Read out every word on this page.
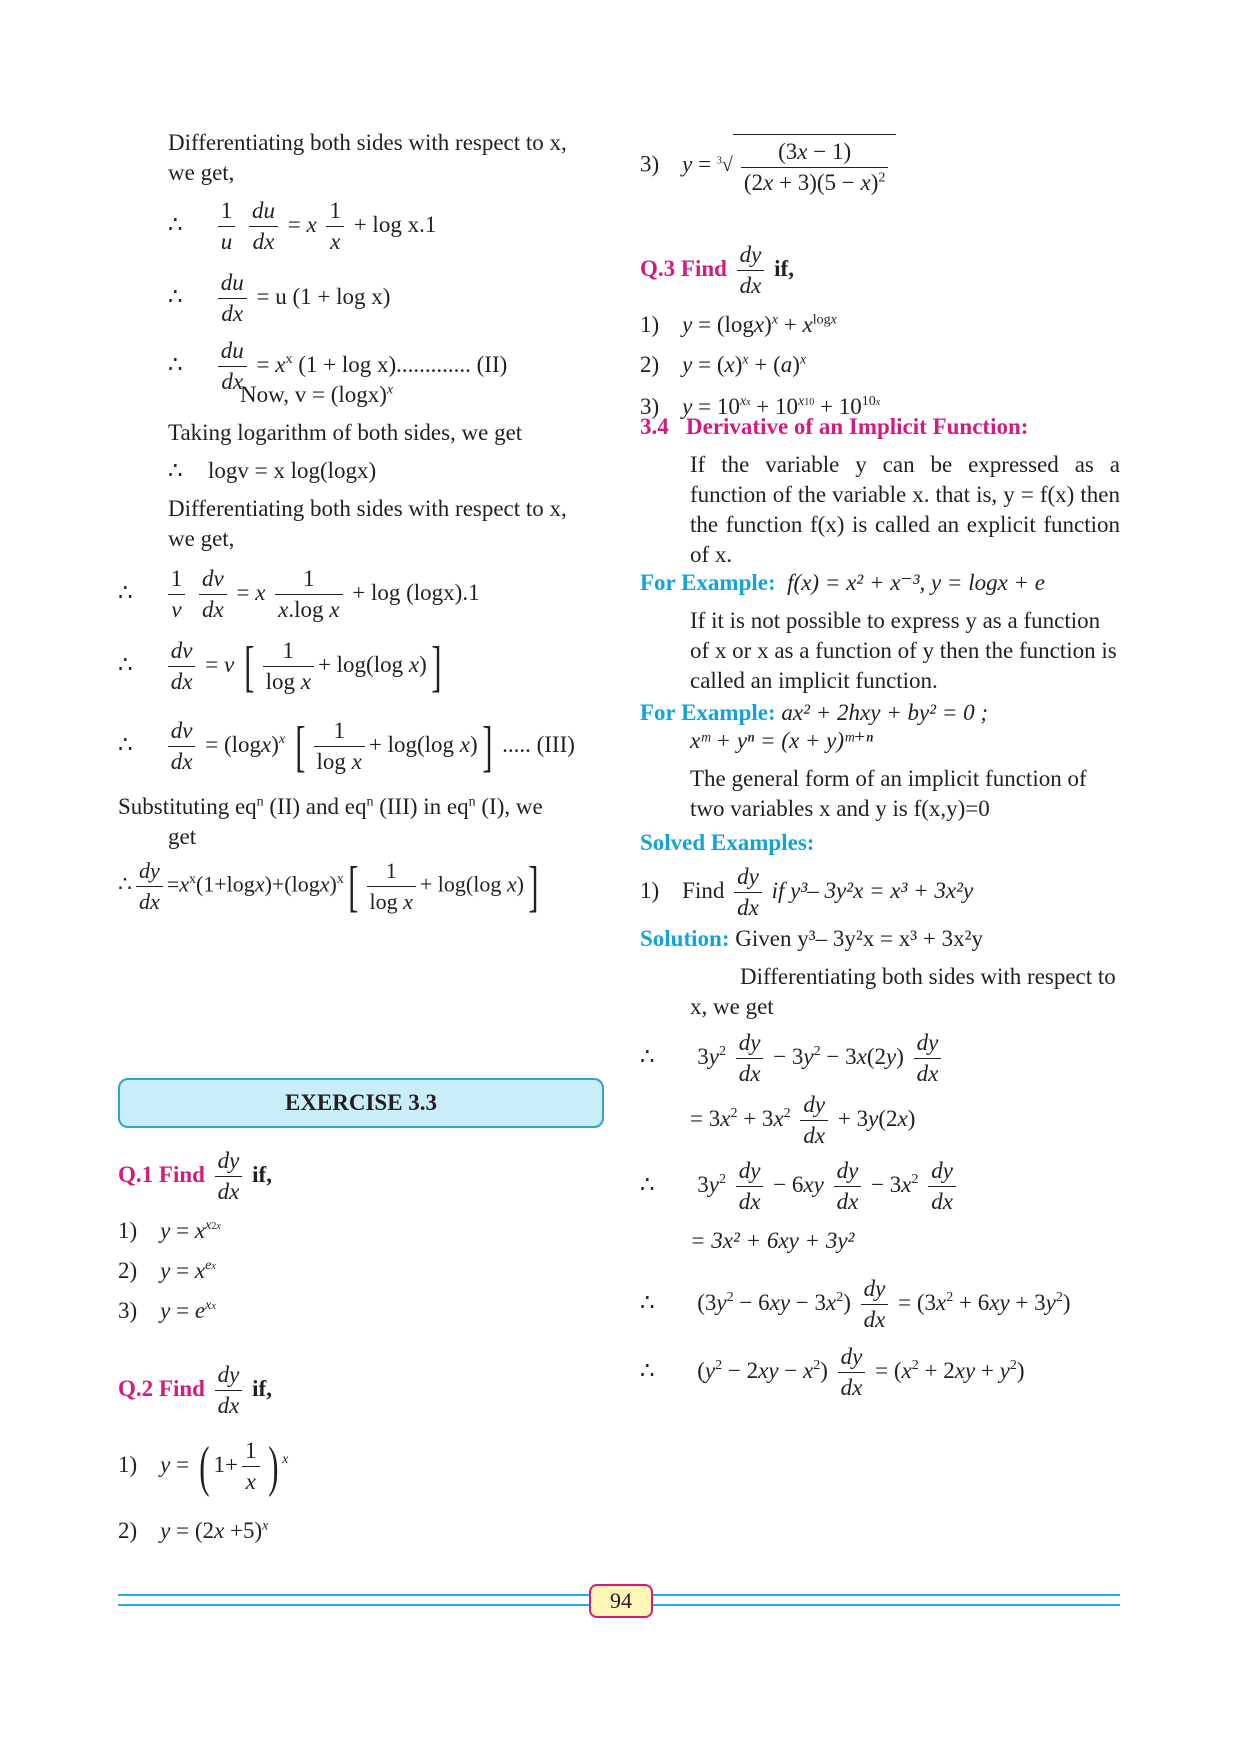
Differentiating both sides with respect to x,
we get,
∴ $\frac{1}{u}$
$\frac{du}{dx} = x \frac{1}{x} + \log x.1$
∴ $\frac{du}{dx} = u$ (1 + log x)
∴ $\frac{du}{dx} = x^x$ (1 + log x)............. (II)
Now, $v = (\log x)^x$
Taking logarithm of both sides, we get
∴ logv = x log(logx)
Differentiating both sides with respect to x,
we get,
∴ $\frac{1}{v}$
$\frac{dv}{dx} = x \frac{1}{\text{x.log x}} + \log (\log x).1$
∴ $\frac{dv}{dx} = v$ [ $\frac{1}{\text{log x}} + \log(\log$ x)]
∴ $\frac{dv}{dx} = (\log x)^x$ [ $\frac{1}{\text{log x}} + \log(\log$ x)] ..... (III)
Substituting $eq^n$ (II) and $eq^n$ (III) in $eq^n$ (I), we
get
∴ $\frac{dy}{dx} =x^x(1+\log x)+(\log x)^x[ \frac{1}{\text{log x}} + \log(\log$ x)]
EXERCISE 3.3
Q.1 Find $\frac{dy}{dx}$ if,
1)    $y = x^{x2x}$
2)    $y = x^{ex}$
3)    $y = e^{xx}$
Q.2 Find $\frac{dy}{dx}$ if,
1)    y = ( $1+ \frac{1}{x}$ ) $^x$
2)    $y = (2x +5)^x$
3)    $y = ^3√ \frac{(3x - 1)}{(2x + 3)(5 - x)^2}$
Q.3 Find $\frac{dy}{dx}$ if,
1)    $y = (\log x)^x + x^{logx}$
2)    $y = (x)^x + (a)^x$
3)    $y = 10^{xx} + 10^{x10} + 10^{10x}$
3.4 Derivative of an Implicit Function:
If the variable y can be expressed as a function of the variable x. that is, y = f(x) then the function f(x) is called an explicit function of x.
For Example: f(x) = x² + x⁻³, y = logx + e
If it is not possible to express y as a function of x or x as a function of y then the function is called an implicit function.
For Example: ax² + 2hxy + by² = 0 ;
xᵐ + yⁿ = (x + y)ᵐ⁺ⁿ
The general form of an implicit function of two variables x and y is f(x,y)=0
Solved Examples:
1)    Find $\frac{dy}{dx}$ if y³– 3y²x = x³ + 3x²y
Solution: Given y³– 3y²x = x³ + 3x²y
Differentiating both sides with respect to x, we get
∴   $3y^2 \frac{dy}{dx} - 3y^2 - 3x(2y) \frac{dy}{dx}$
= $3x^2 + 3x^2 \frac{dy}{dx} + 3y(2x)$
∴   $3y^2 \frac{dy}{dx} - 6xy \frac{dy}{dx} - 3x^2 \frac{dy}{dx}$
= 3x² + 6xy + 3y²
∴   $(3y^2 - 6xy - 3x^2) \frac{dy}{dx} = (3x^2 + 6xy + 3y^2)$
∴   $(y^2 - 2xy - x^2) \frac{dy}{dx} = (x^2 + 2xy + y^2)$
94
